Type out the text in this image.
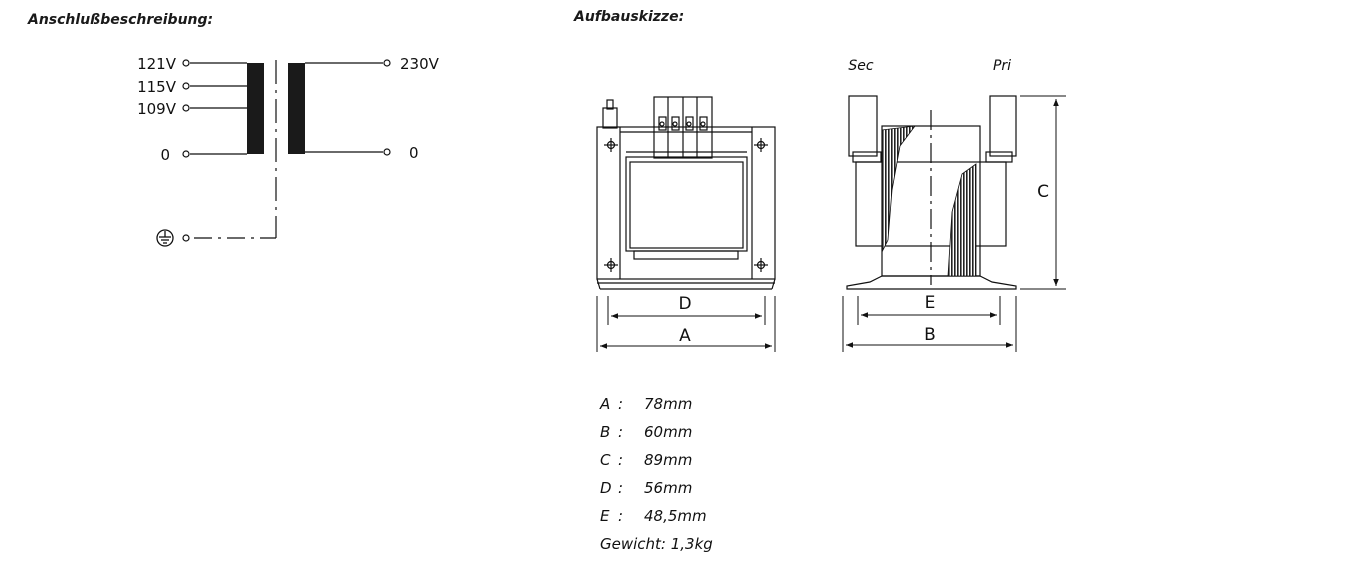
Anschlußbeschreibung:	Aufbauskizze:
121V
115V
109V
0
230V
0
D
A
Sec	Pri
E
B
C
A : 78mm
B : 60mm
C : 89mm
D : 56mm
E : 48,5mm
Gewicht: 1,3kg
